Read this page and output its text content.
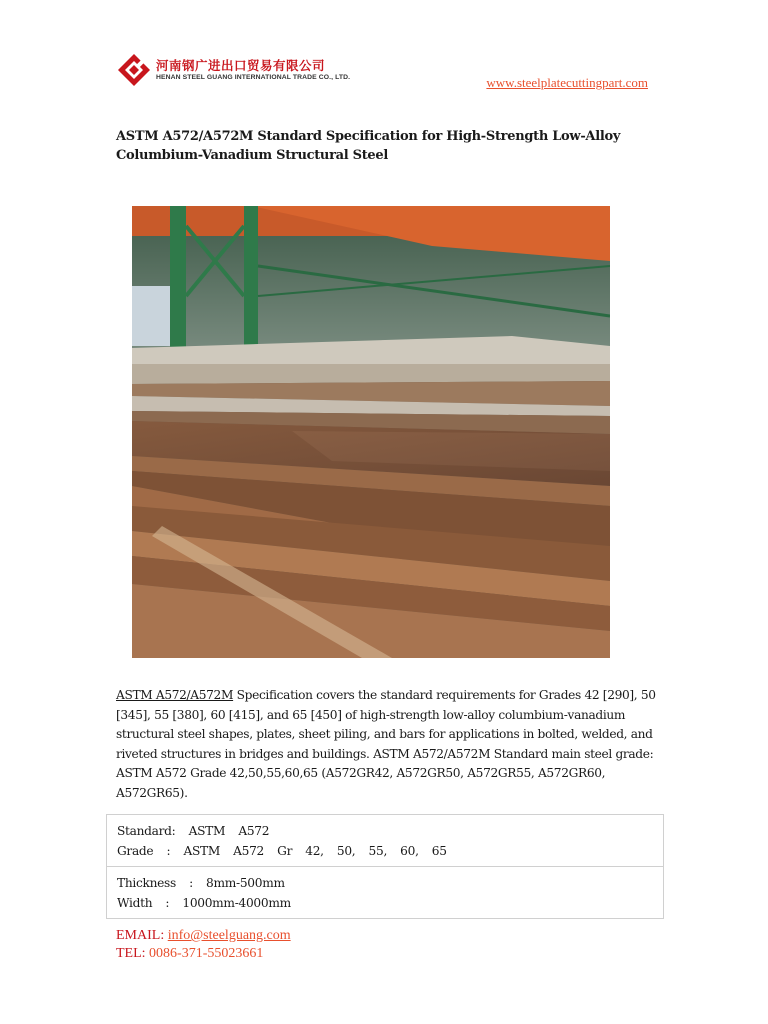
河南钢广进出口贸易有限公司
HENAN STEEL GUANG INTERNATIONAL TRADE CO., LTD.	www.steelplatecuttingpart.com
ASTM A572/A572M Standard Specification for High-Strength Low-Alloy
Columbium-Vanadium Structural Steel

ASTM A572/A572M Specification covers the standard requirements for Grades 42 [290], 50 [345], 55 [380], 60 [415], and 65 [450] of high-strength low-alloy columbium-vanadium structural steel shapes, plates, sheet piling, and bars for applications in bolted, welded, and riveted structures in bridges and buildings. ASTM A572/A572M Standard main steel grade: ASTM A572 Grade 42,50,55,60,65 (A572GR42, A572GR50, A572GR55, A572GR60, A572GR65).

Standard:  ASTM  A572
Grade  :  ASTM  A572  Gr  42,  50,  55,  60,  65
Thickness  :  8mm-500mm
Width  :  1000mm-4000mm
EMAIL: info@steelguang.com
TEL: 0086-371-55023661
